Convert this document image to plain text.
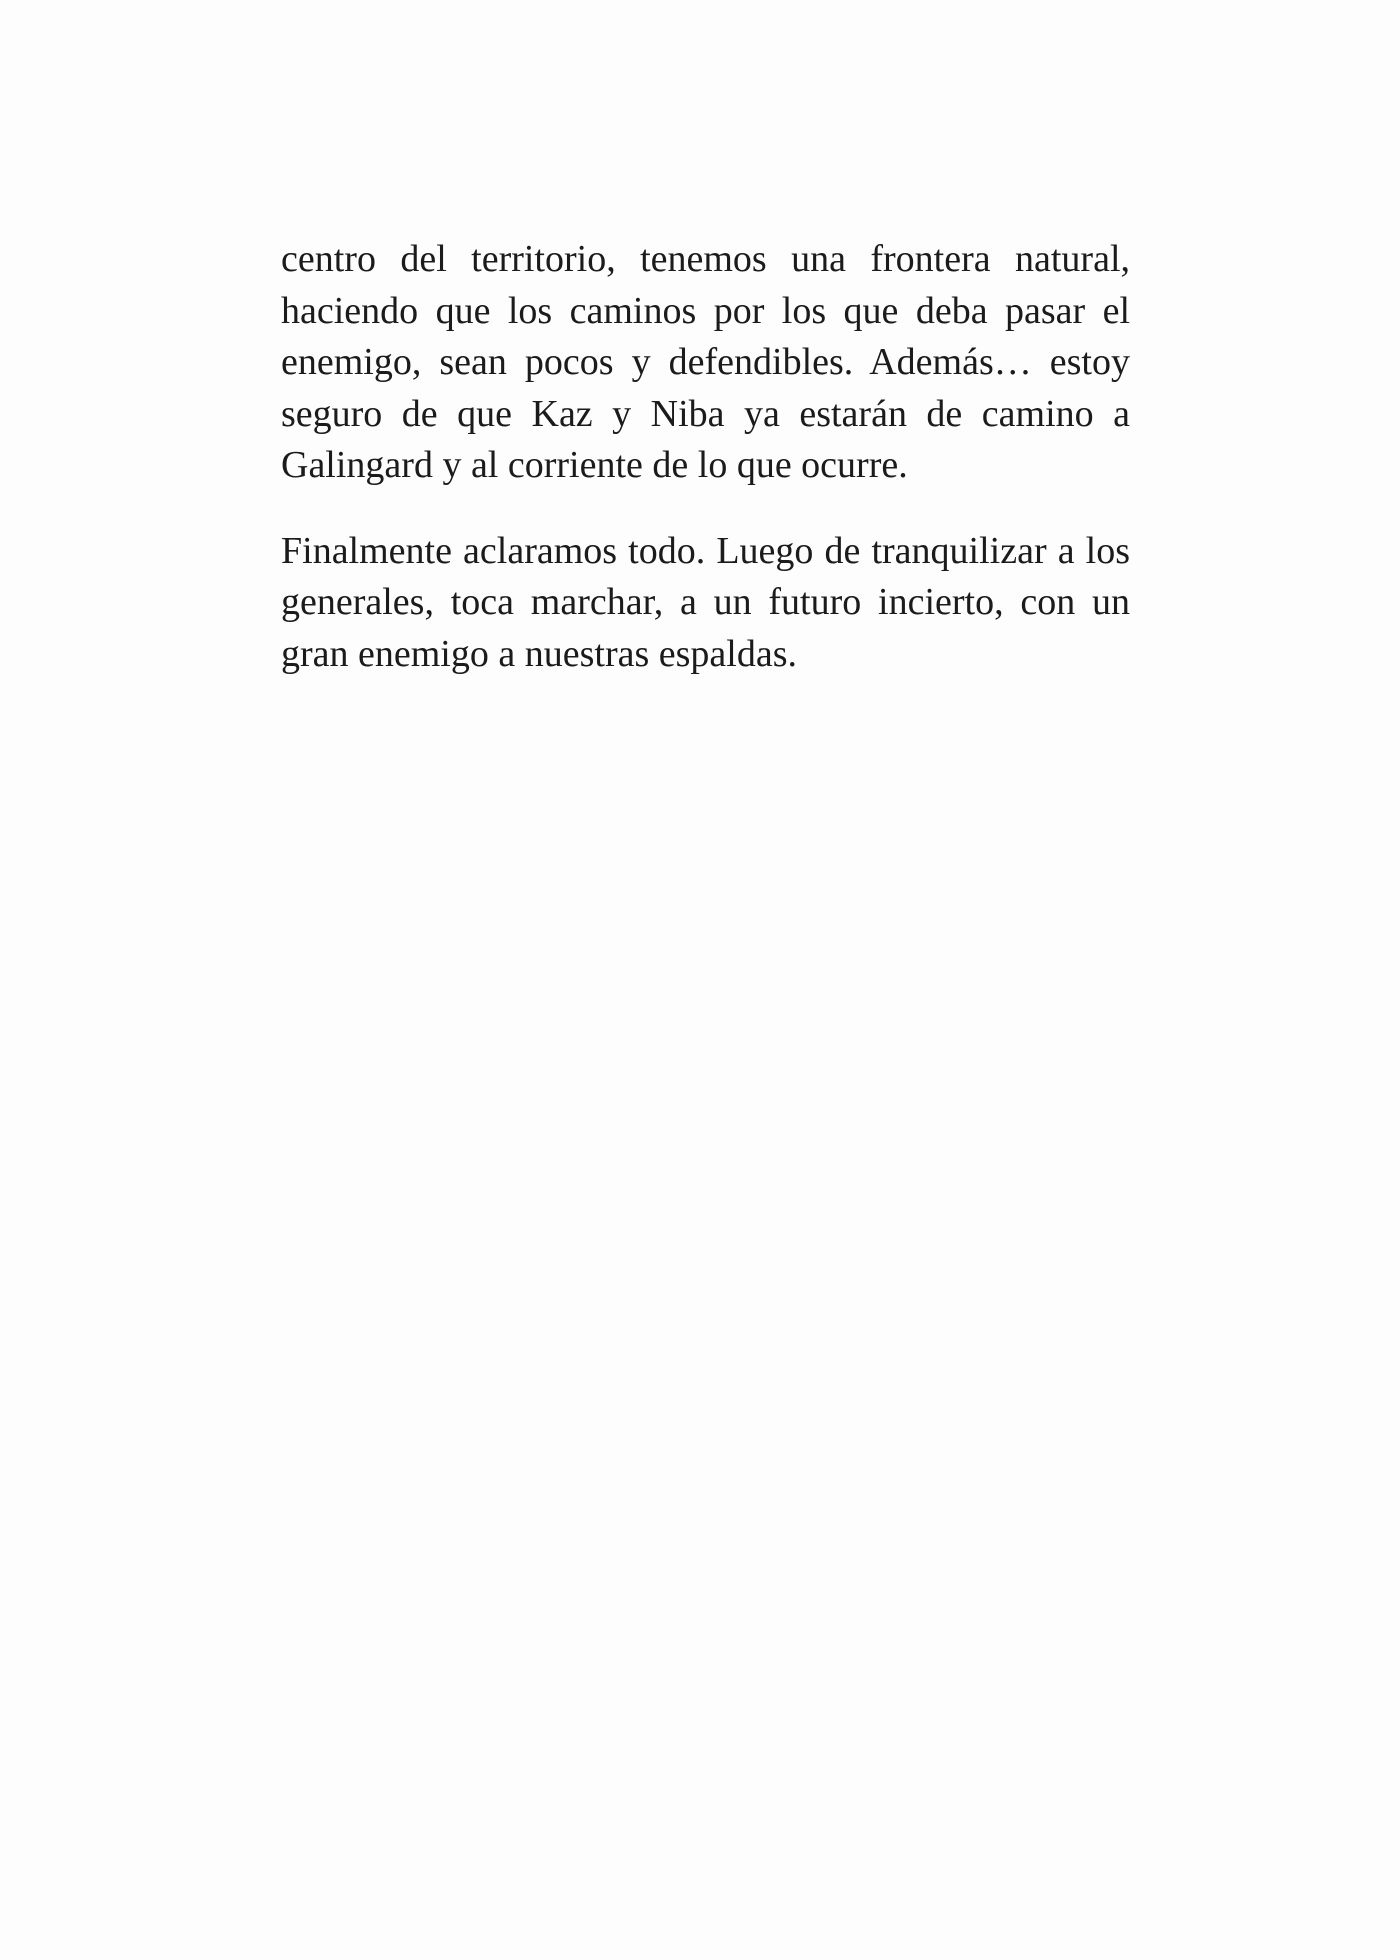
centro del territorio, tenemos una frontera natural,
haciendo que los caminos por los que deba pasar el
enemigo, sean pocos y defendibles. Además… estoy
seguro de que Kaz y Niba ya estarán de camino a
Galingard y al corriente de lo que ocurre.

Finalmente aclaramos todo. Luego de tranquilizar a los
generales, toca marchar, a un futuro incierto, con un
gran enemigo a nuestras espaldas.
